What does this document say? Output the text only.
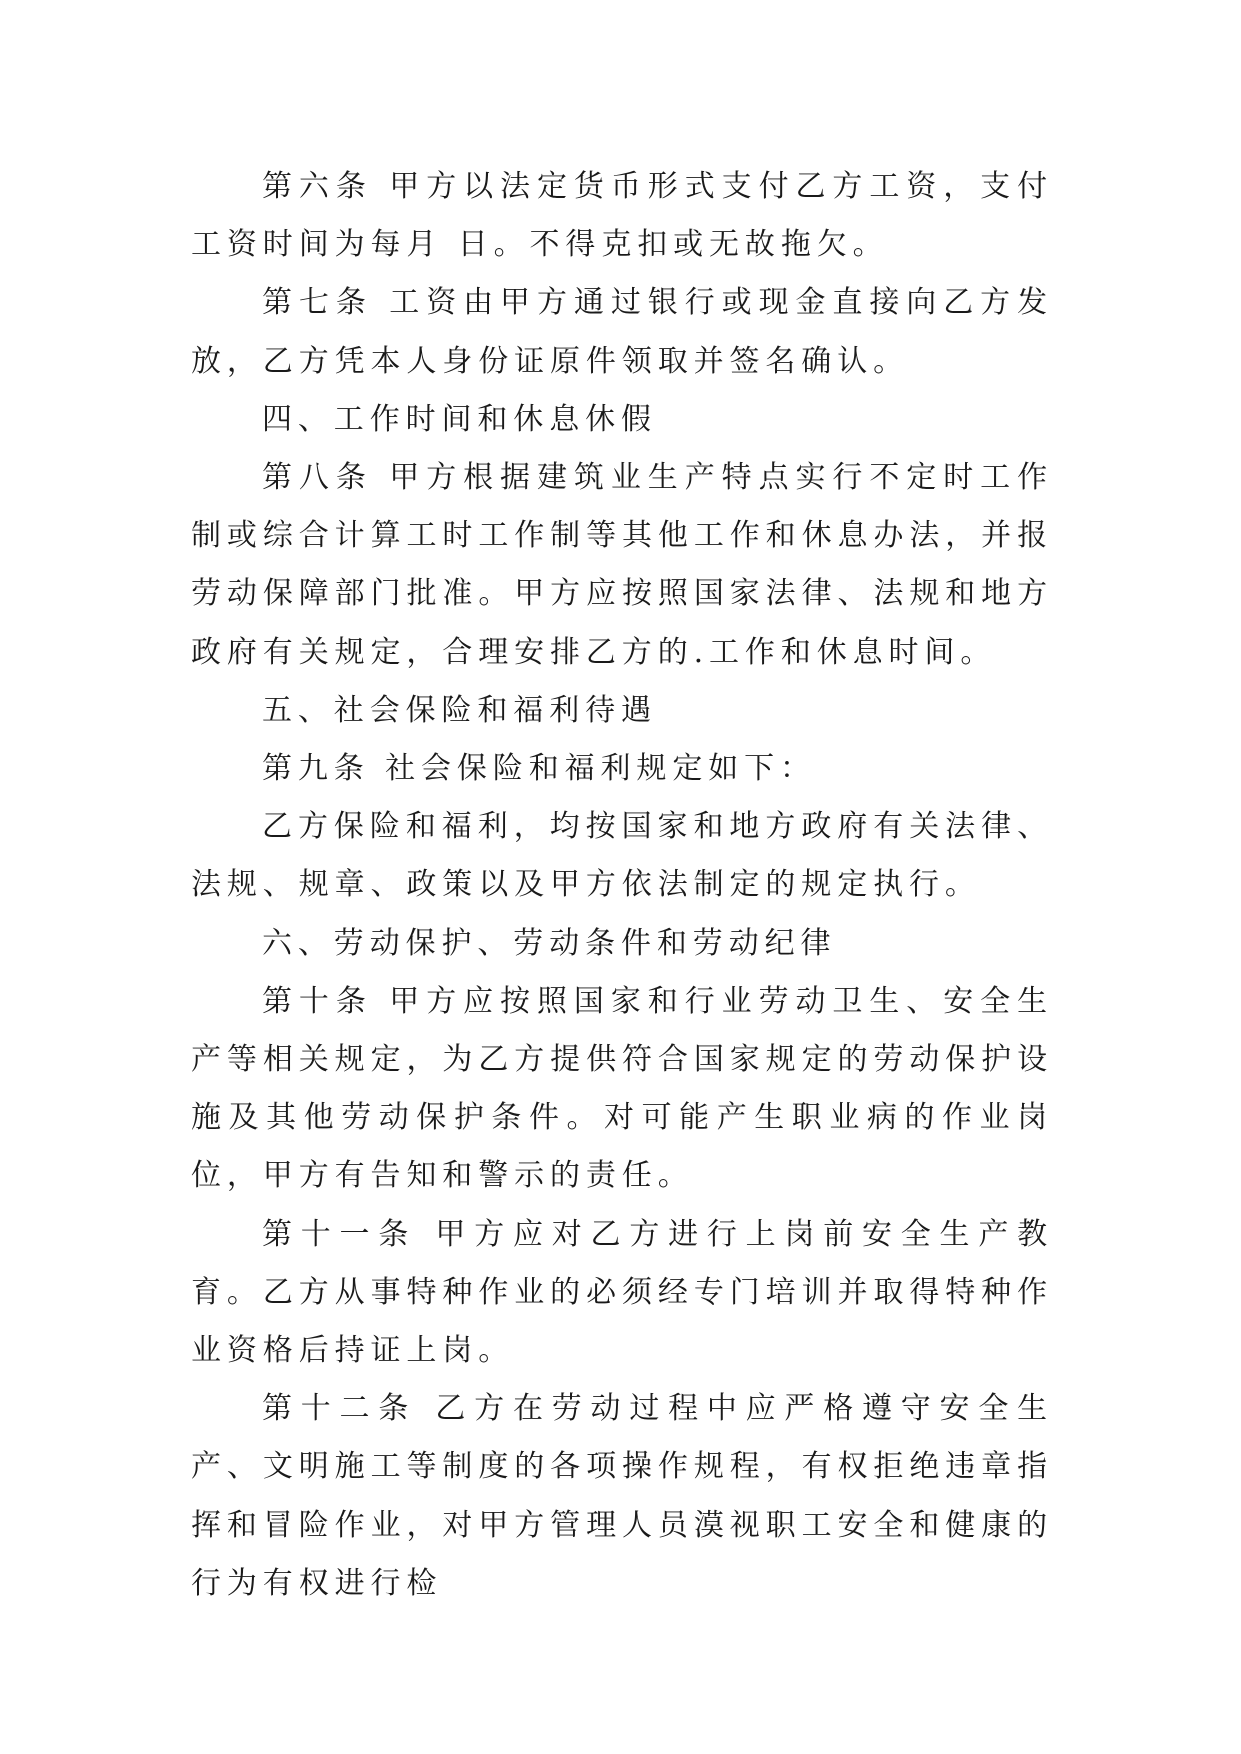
第六条 甲方以法定货币形式支付乙方工资，支付工资时间为每月 日。不得克扣或无故拖欠。

第七条 工资由甲方通过银行或现金直接向乙方发放，乙方凭本人身份证原件领取并签名确认。

四、工作时间和休息休假

第八条 甲方根据建筑业生产特点实行不定时工作制或综合计算工时工作制等其他工作和休息办法，并报劳动保障部门批准。甲方应按照国家法律、法规和地方政府有关规定，合理安排乙方的.工作和休息时间。

五、社会保险和福利待遇

第九条 社会保险和福利规定如下：

乙方保险和福利，均按国家和地方政府有关法律、法规、规章、政策以及甲方依法制定的规定执行。

六、劳动保护、劳动条件和劳动纪律

第十条 甲方应按照国家和行业劳动卫生、安全生产等相关规定，为乙方提供符合国家规定的劳动保护设施及其他劳动保护条件。对可能产生职业病的作业岗位，甲方有告知和警示的责任。

第十一条 甲方应对乙方进行上岗前安全生产教育。乙方从事特种作业的必须经专门培训并取得特种作业资格后持证上岗。

第十二条 乙方在劳动过程中应严格遵守安全生产、文明施工等制度的各项操作规程，有权拒绝违章指挥和冒险作业，对甲方管理人员漠视职工安全和健康的行为有权进行检
